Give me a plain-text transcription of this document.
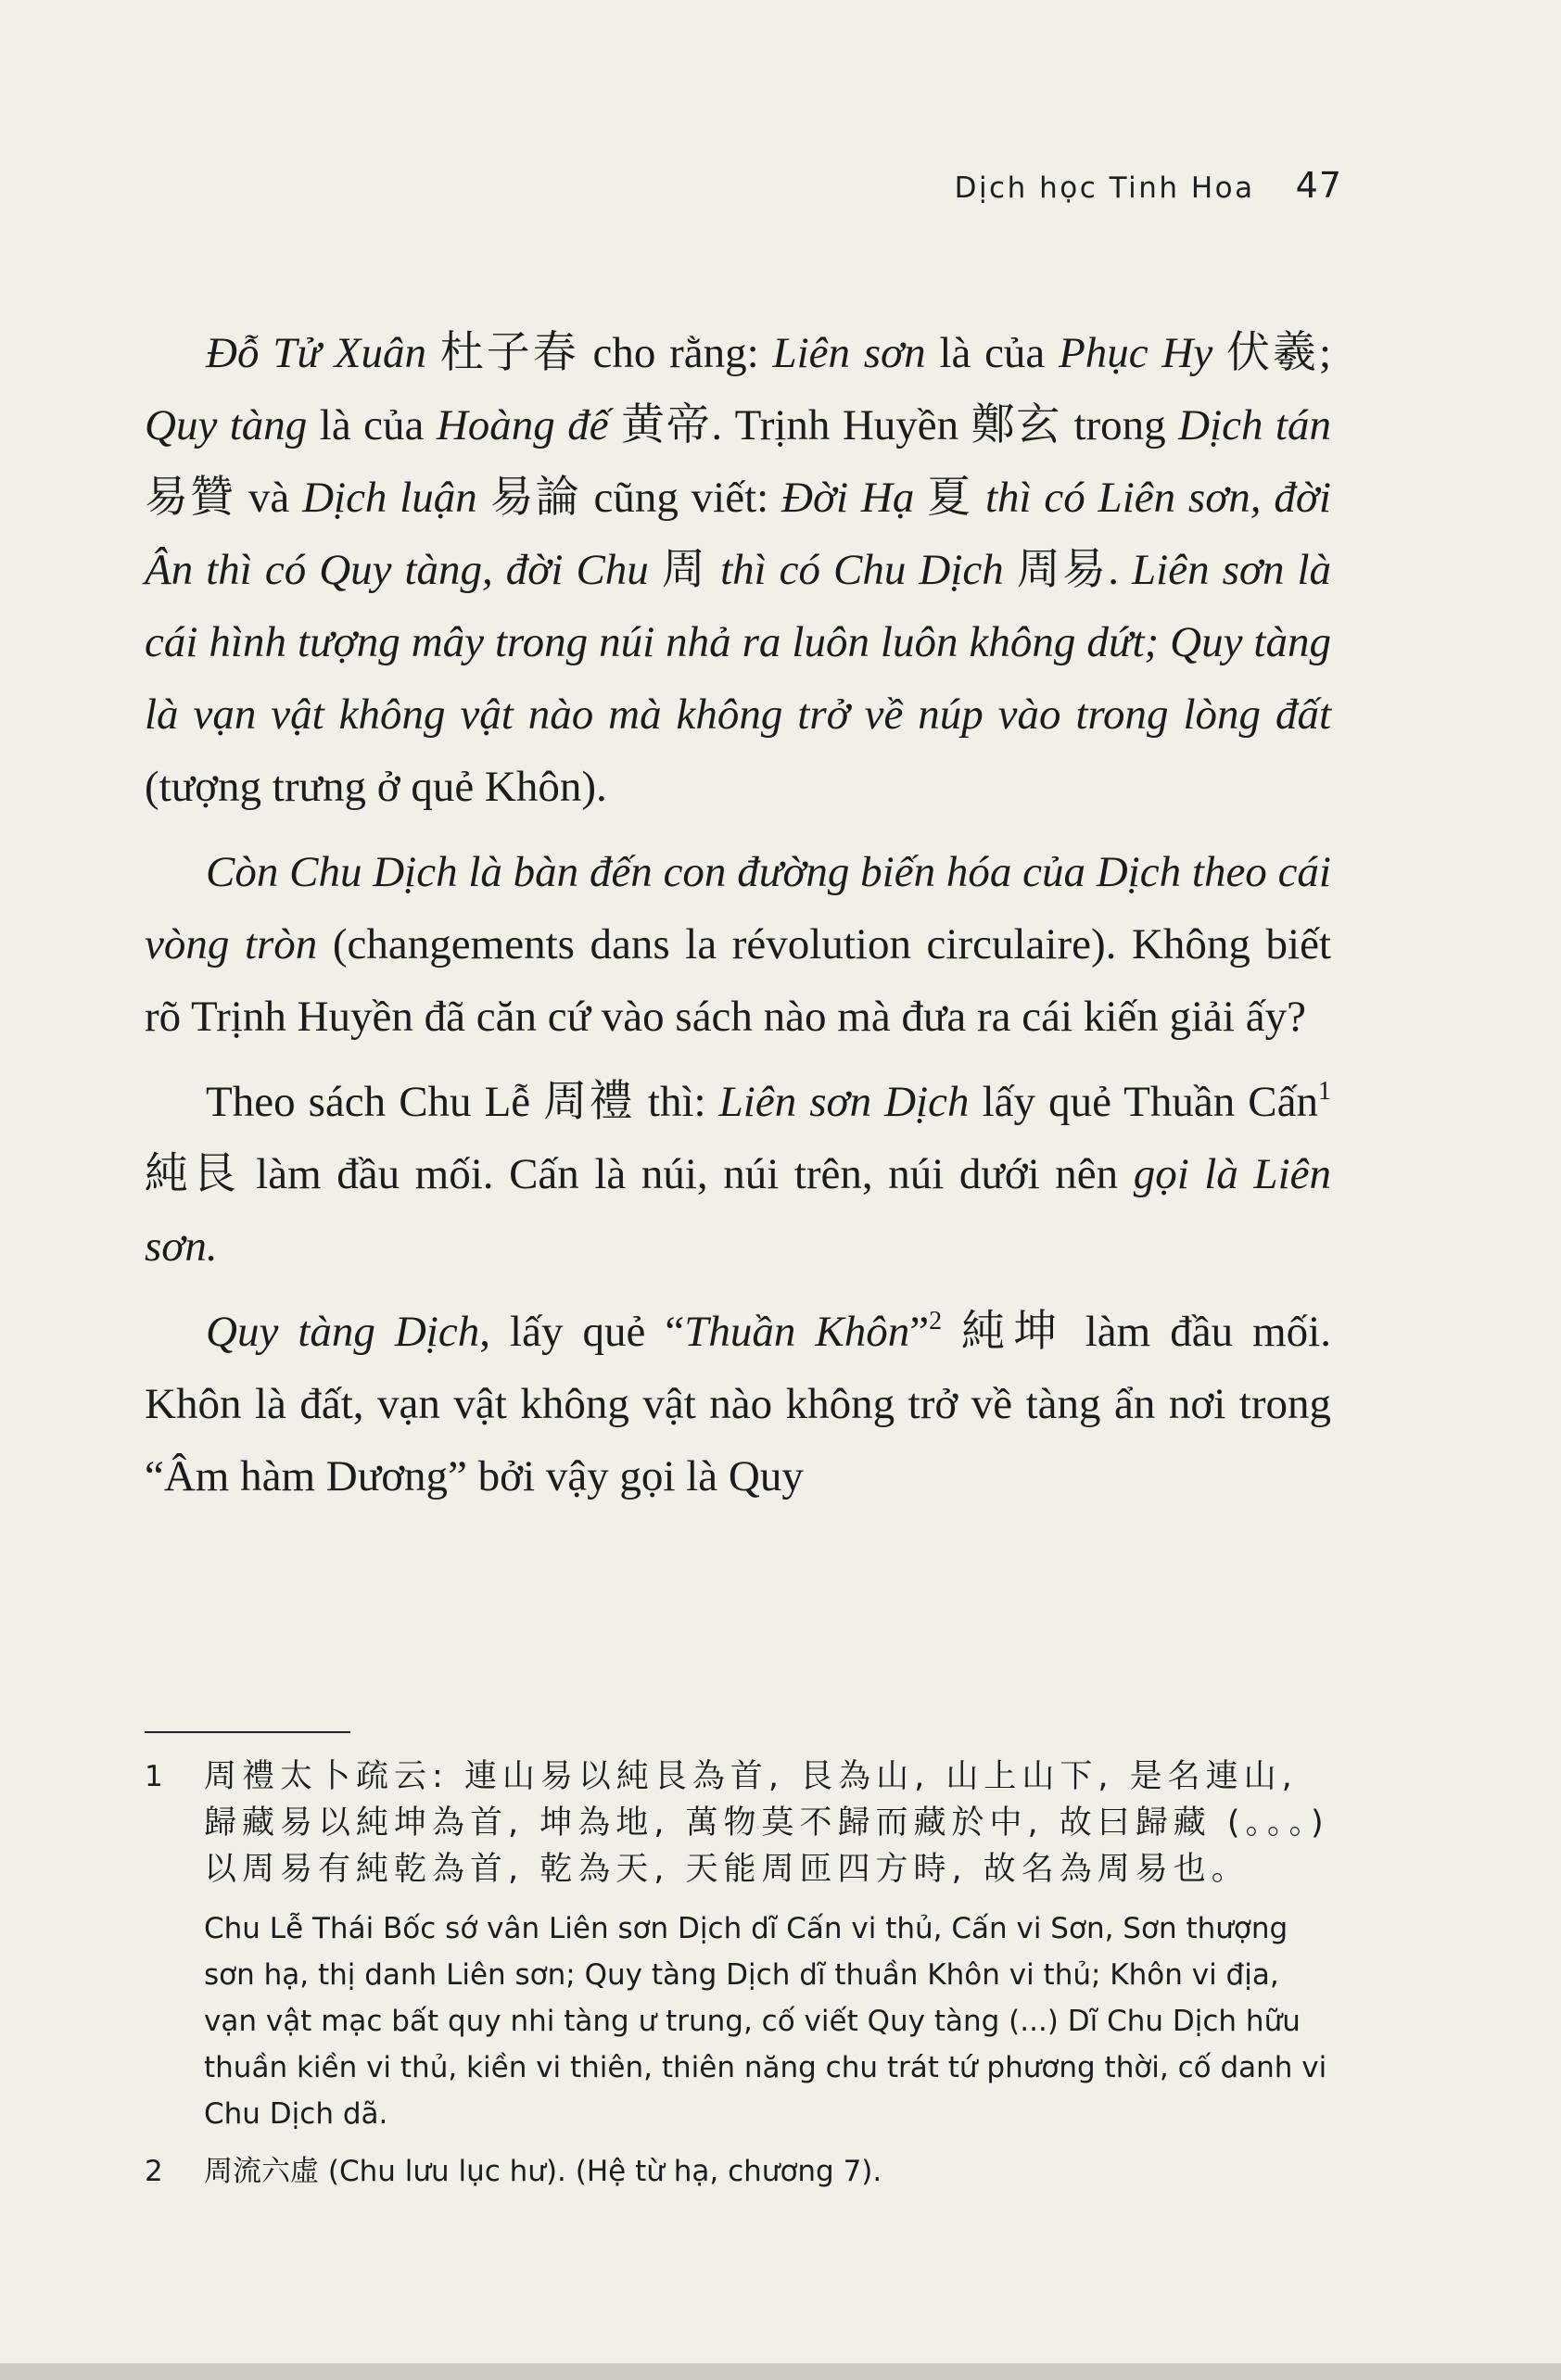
Dịch học Tinh Hoa 47

Đỗ Tử Xuân 杜子春 cho rằng: Liên sơn là của Phục Hy 伏羲; Quy tàng là của Hoàng đế 黄帝. Trịnh Huyền 鄭玄 trong Dịch tán 易贊 và Dịch luận 易論 cũng viết: Đời Hạ 夏 thì có Liên sơn, đời Ân thì có Quy tàng, đời Chu 周 thì có Chu Dịch 周易. Liên sơn là cái hình tượng mây trong núi nhả ra luôn luôn không dứt; Quy tàng là vạn vật không vật nào mà không trở về núp vào trong lòng đất (tượng trưng ở quẻ Khôn).

Còn Chu Dịch là bàn đến con đường biến hóa của Dịch theo cái vòng tròn (changements dans la révolution circulaire). Không biết rõ Trịnh Huyền đã căn cứ vào sách nào mà đưa ra cái kiến giải ấy?

Theo sách Chu Lễ 周禮 thì: Liên sơn Dịch lấy quẻ Thuần Cấn$^1$ 純艮 làm đầu mối. Cấn là núi, núi trên, núi dưới nên gọi là Liên sơn.

Quy tàng Dịch, lấy quẻ “Thuần Khôn”$^2$ 純坤 làm đầu mối. Khôn là đất, vạn vật không vật nào không trở về tàng ẩn nơi trong “Âm hàm Dương” bởi vậy gọi là Quy

1	周禮太卜疏云: 連山易以純艮為首, 艮為山, 山上山下, 是名連山, 歸藏易以純坤為首, 坤為地, 萬物莫不歸而藏於中, 故曰歸藏 (。。。) 以周易有純乾為首, 乾為天, 天能周匝四方時, 故名為周易也。
Chu Lễ Thái Bốc sớ vân Liên sơn Dịch dĩ Cấn vi thủ, Cấn vi Sơn, Sơn thượng sơn hạ, thị danh Liên sơn; Quy tàng Dịch dĩ thuần Khôn vi thủ; Khôn vi địa, vạn vật mạc bất quy nhi tàng ư trung, cố viết Quy tàng (...) Dĩ Chu Dịch hữu thuần kiền vi thủ, kiền vi thiên, thiên năng chu trát tứ phương thời, cố danh vi Chu Dịch dã.
2	周流六虛 (Chu lưu lục hư). (Hệ từ hạ, chương 7).
